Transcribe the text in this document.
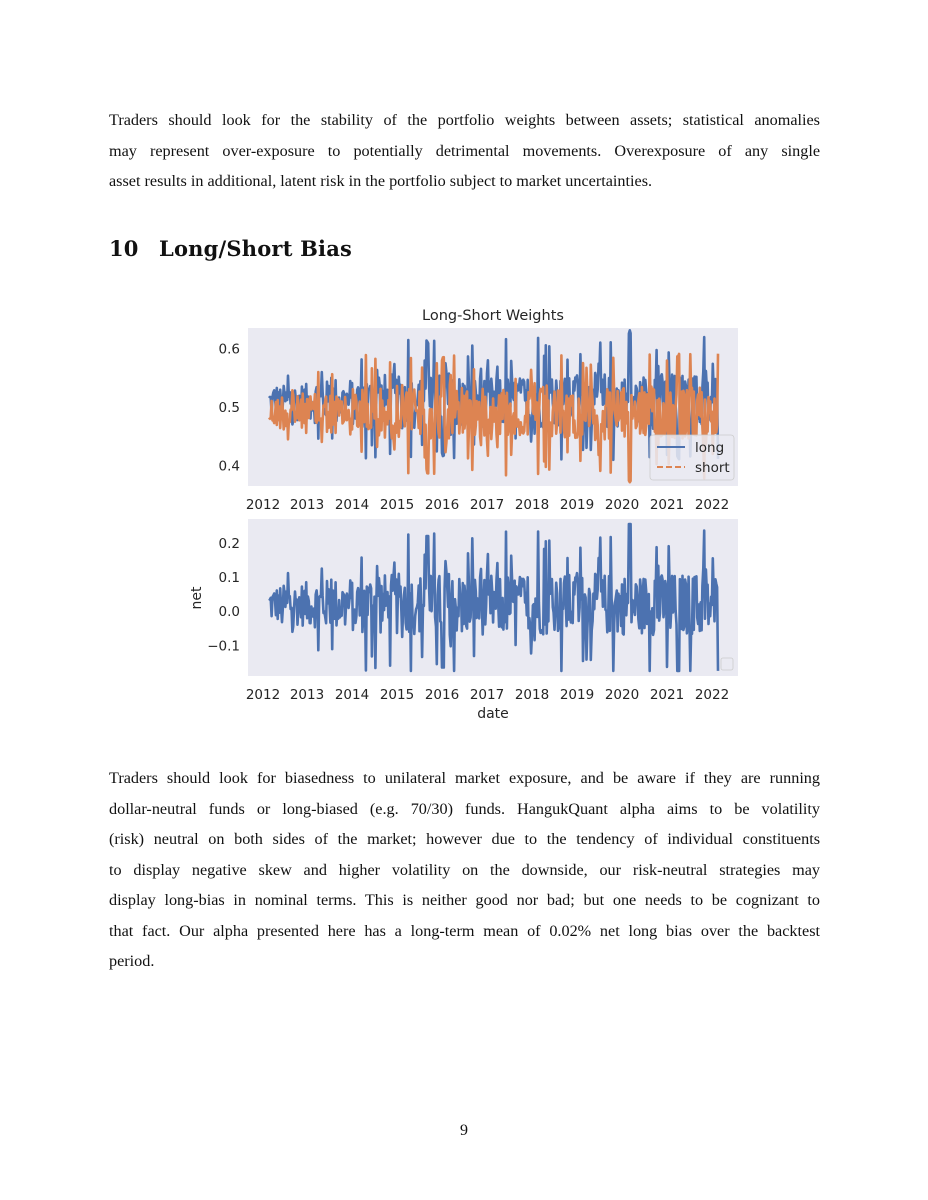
Traders should look for the stability of the portfolio weights between assets; statistical anomalies
may represent over-exposure to potentially detrimental movements. Overexposure of any single
asset results in additional, latent risk in the portfolio subject to market uncertainties.
10 Long/Short Bias
Long-Short Weights
0.4
0.5
0.6
2012 2013 2014 2015 2016 2017 2018 2019 2020 2021 2022
long
short
−0.1
0.0
0.1
0.2
2012 2013 2014 2015 2016 2017 2018 2019 2020 2021 2022
net
date
Traders should look for biasedness to unilateral market exposure, and be aware if they are running
dollar-neutral funds or long-biased (e.g. 70/30) funds. HangukQuant alpha aims to be volatility
(risk) neutral on both sides of the market; however due to the tendency of individual constituents
to display negative skew and higher volatility on the downside, our risk-neutral strategies may
display long-bias in nominal terms. This is neither good nor bad; but one needs to be cognizant to
that fact. Our alpha presented here has a long-term mean of 0.02% net long bias over the backtest
period.
9
